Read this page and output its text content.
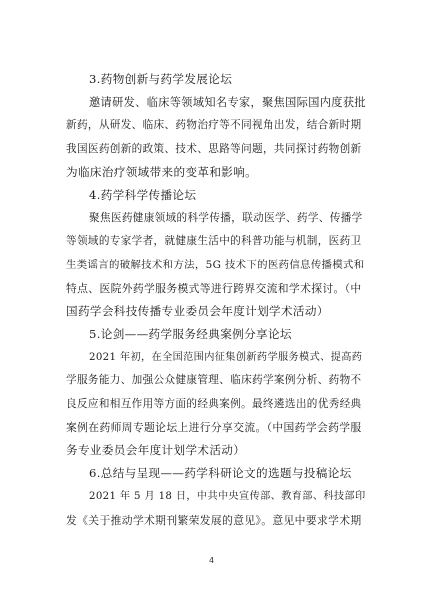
3.药物创新与药学发展论坛
邀请研发、临床等领域知名专家，聚焦国际国内度获批
新药，从研发、临床、药物治疗等不同视角出发，结合新时期
我国医药创新的政策、技术、思路等问题，共同探讨药物创新
为临床治疗领域带来的变革和影响。
4.药学科学传播论坛
聚焦医药健康领域的科学传播，联动医学、药学、传播学
等领域的专家学者，就健康生活中的科普功能与机制，医药卫
生类谣言的破解技术和方法，5G 技术下的医药信息传播模式和
特点、医院外药学服务模式等进行跨界交流和学术探讨。（中
国药学会科技传播专业委员会年度计划学术活动）
5.论剑——药学服务经典案例分享论坛
2021 年初，在全国范围内征集创新药学服务模式、提高药
学服务能力、加强公众健康管理、临床药学案例分析、药物不
良反应和相互作用等方面的经典案例。最终遴选出的优秀经典
案例在药师周专题论坛上进行分享交流。（中国药学会药学服
务专业委员会年度计划学术活动）
6.总结与呈现——药学科研论文的选题与投稿论坛
2021 年 5 月 18 日，中共中央宣传部、教育部、科技部印
发《关于推动学术期刊繁荣发展的意见》。意见中要求学术期
4
